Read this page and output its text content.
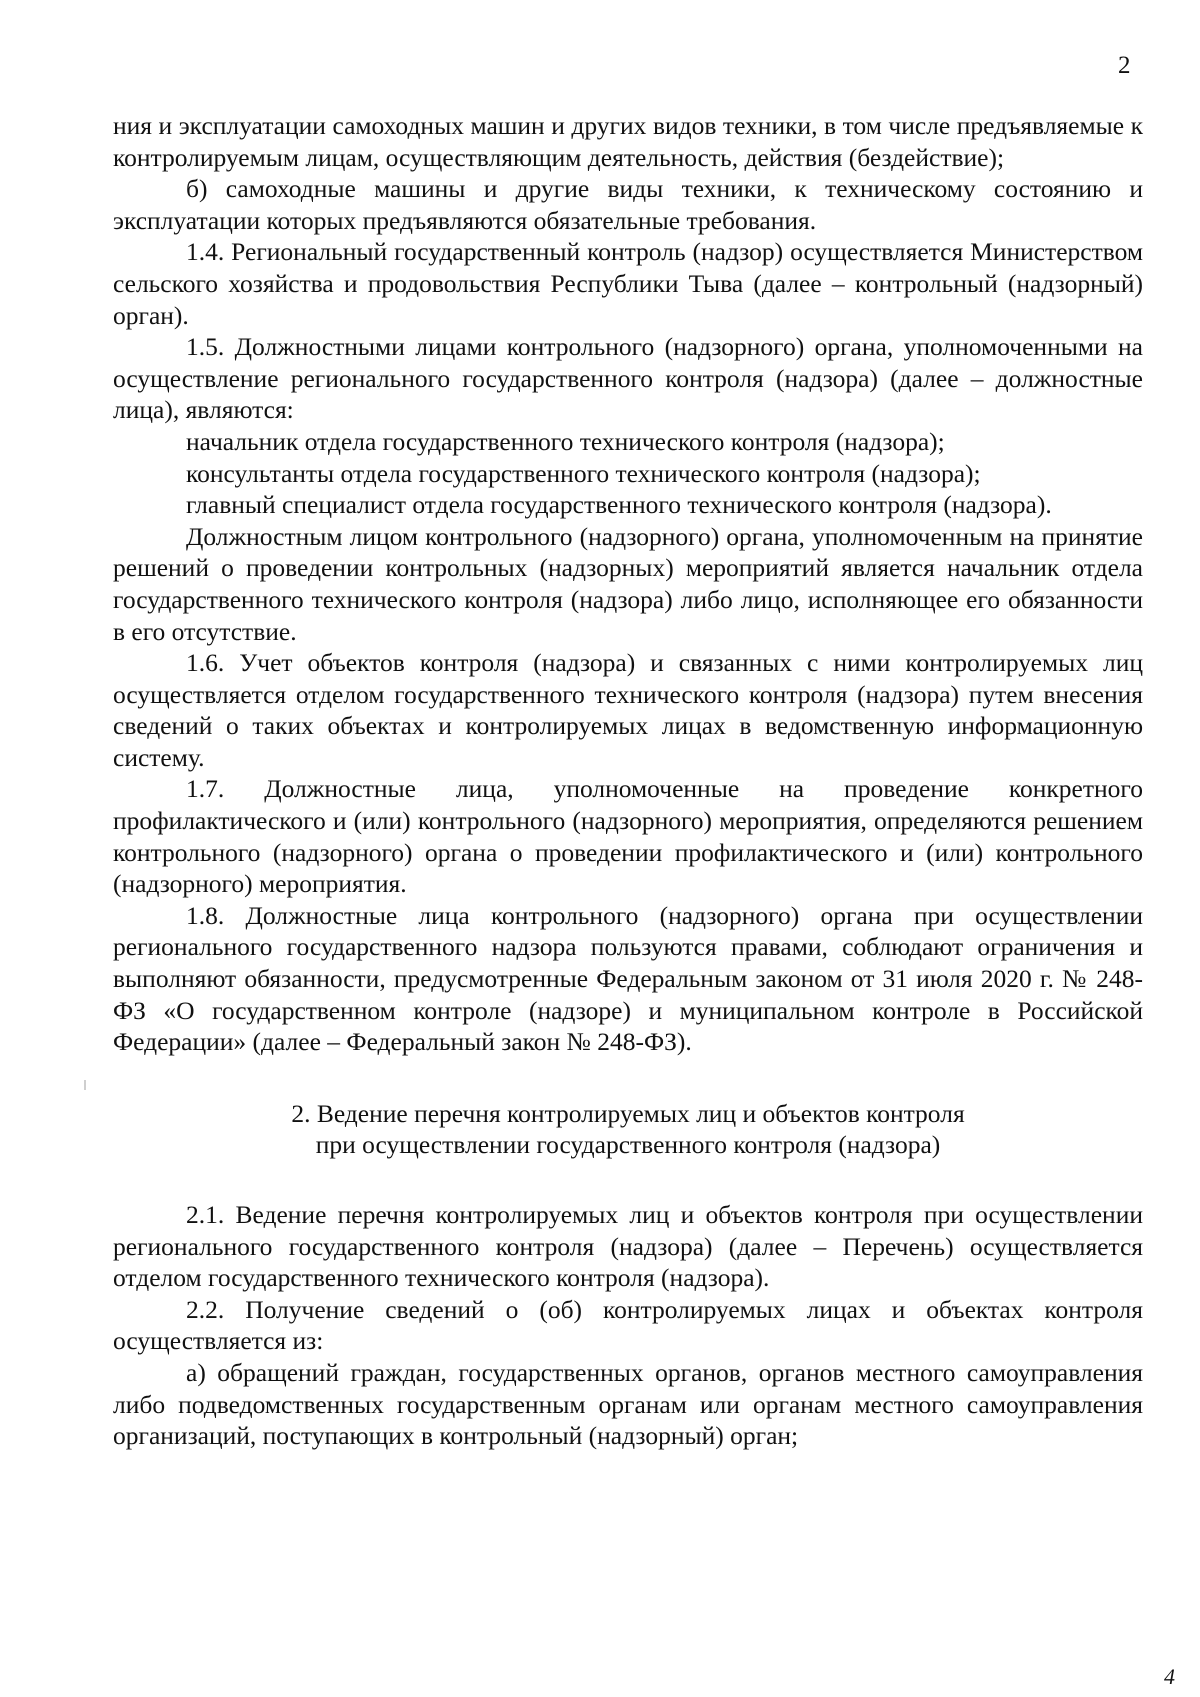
2

ния и эксплуатации самоходных машин и других видов техники, в том числе предъявляемые к контролируемым лицам, осуществляющим деятельность, действия (бездействие);

б) самоходные машины и другие виды техники, к техническому состоянию и эксплуатации которых предъявляются обязательные требования.

1.4. Региональный государственный контроль (надзор) осуществляется Министерством сельского хозяйства и продовольствия Республики Тыва (далее – контрольный (надзорный) орган).

1.5. Должностными лицами контрольного (надзорного) органа, уполномоченными на осуществление регионального государственного контроля (надзора) (далее – должностные лица), являются:

начальник отдела государственного технического контроля (надзора);

консультанты отдела государственного технического контроля (надзора);

главный специалист отдела государственного технического контроля (надзора).

Должностным лицом контрольного (надзорного) органа, уполномоченным на принятие решений о проведении контрольных (надзорных) мероприятий является начальник отдела государственного технического контроля (надзора) либо лицо, исполняющее его обязанности в его отсутствие.

1.6. Учет объектов контроля (надзора) и связанных с ними контролируемых лиц осуществляется отделом государственного технического контроля (надзора) путем внесения сведений о таких объектах и контролируемых лицах в ведомственную информационную систему.

1.7. Должностные лица, уполномоченные на проведение конкретного профилактического и (или) контрольного (надзорного) мероприятия, определяются решением контрольного (надзорного) органа о проведении профилактического и (или) контрольного (надзорного) мероприятия.

1.8. Должностные лица контрольного (надзорного) органа при осуществлении регионального государственного надзора пользуются правами, соблюдают ограничения и выполняют обязанности, предусмотренные Федеральным законом от 31 июля 2020 г. № 248-ФЗ «О государственном контроле (надзоре) и муниципальном контроле в Российской Федерации» (далее – Федеральный закон № 248-ФЗ).

2. Ведение перечня контролируемых лиц и объектов контроля
при осуществлении государственного контроля (надзора)

2.1. Ведение перечня контролируемых лиц и объектов контроля при осуществлении регионального государственного контроля (надзора) (далее – Перечень) осуществляется отделом государственного технического контроля (надзора).

2.2. Получение сведений о (об) контролируемых лицах и объектах контроля осуществляется из:

а) обращений граждан, государственных органов, органов местного самоуправления либо подведомственных государственным органам или органам местного самоуправления организаций, поступающих в контрольный (надзорный) орган;

4
